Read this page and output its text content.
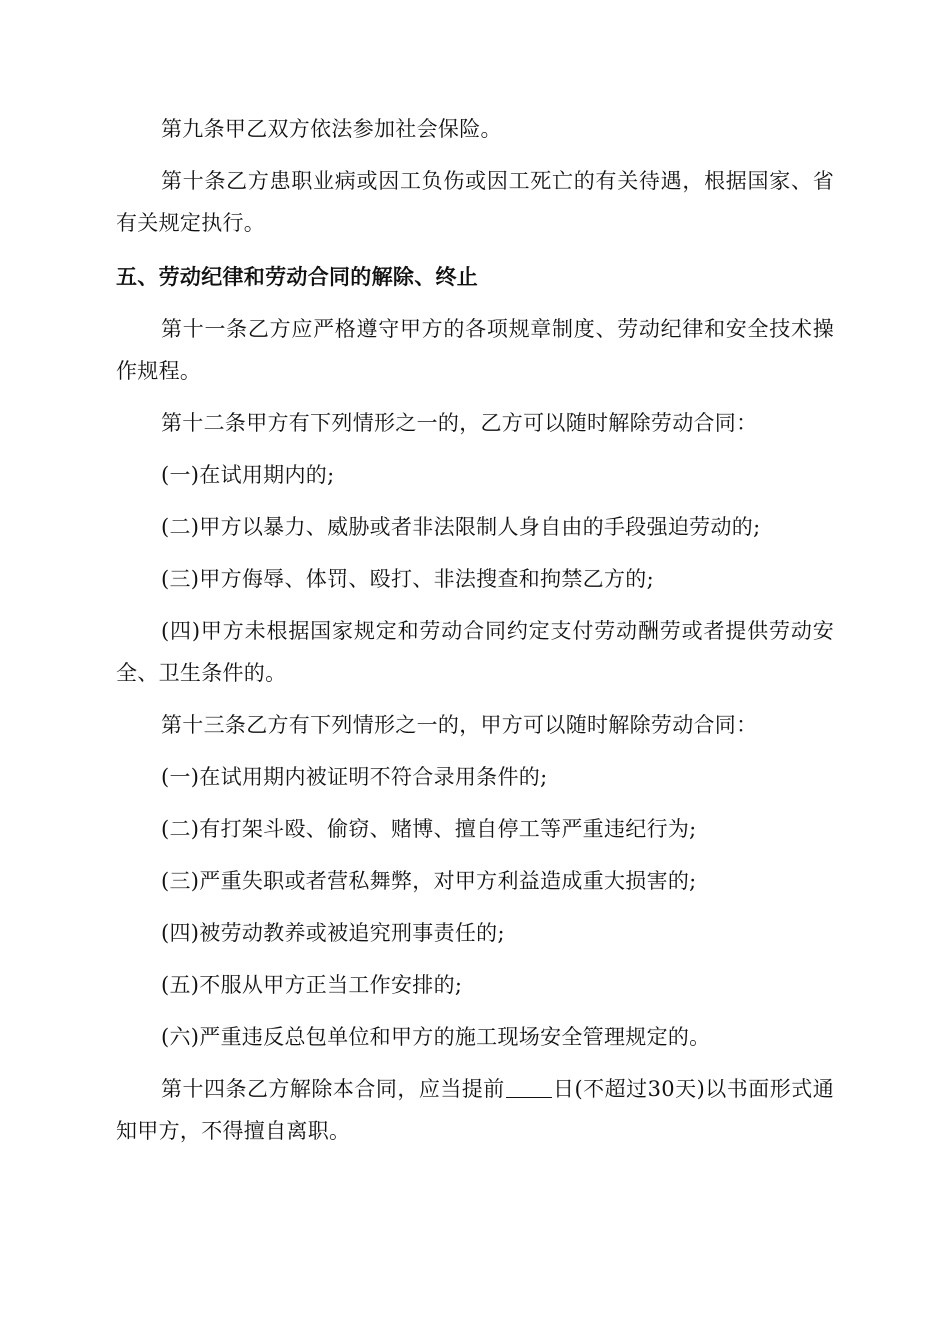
第九条甲乙双方依法参加社会保险。

第十条乙方患职业病或因工负伤或因工死亡的有关待遇，根据国家、省有关规定执行。

五、劳动纪律和劳动合同的解除、终止

第十一条乙方应严格遵守甲方的各项规章制度、劳动纪律和安全技术操作规程。

第十二条甲方有下列情形之一的，乙方可以随时解除劳动合同：

(一)在试用期内的;

(二)甲方以暴力、威胁或者非法限制人身自由的手段强迫劳动的;

(三)甲方侮辱、体罚、殴打、非法搜查和拘禁乙方的;

(四)甲方未根据国家规定和劳动合同约定支付劳动酬劳或者提供劳动安全、卫生条件的。

第十三条乙方有下列情形之一的，甲方可以随时解除劳动合同：

(一)在试用期内被证明不符合录用条件的;

(二)有打架斗殴、偷窃、赌博、擅自停工等严重违纪行为;

(三)严重失职或者营私舞弊，对甲方利益造成重大损害的;

(四)被劳动教养或被追究刑事责任的;

(五)不服从甲方正当工作安排的;

(六)严重违反总包单位和甲方的施工现场安全管理规定的。

第十四条乙方解除本合同，应当提前 日(不超过30天)以书面形式通知甲方，不得擅自离职。
